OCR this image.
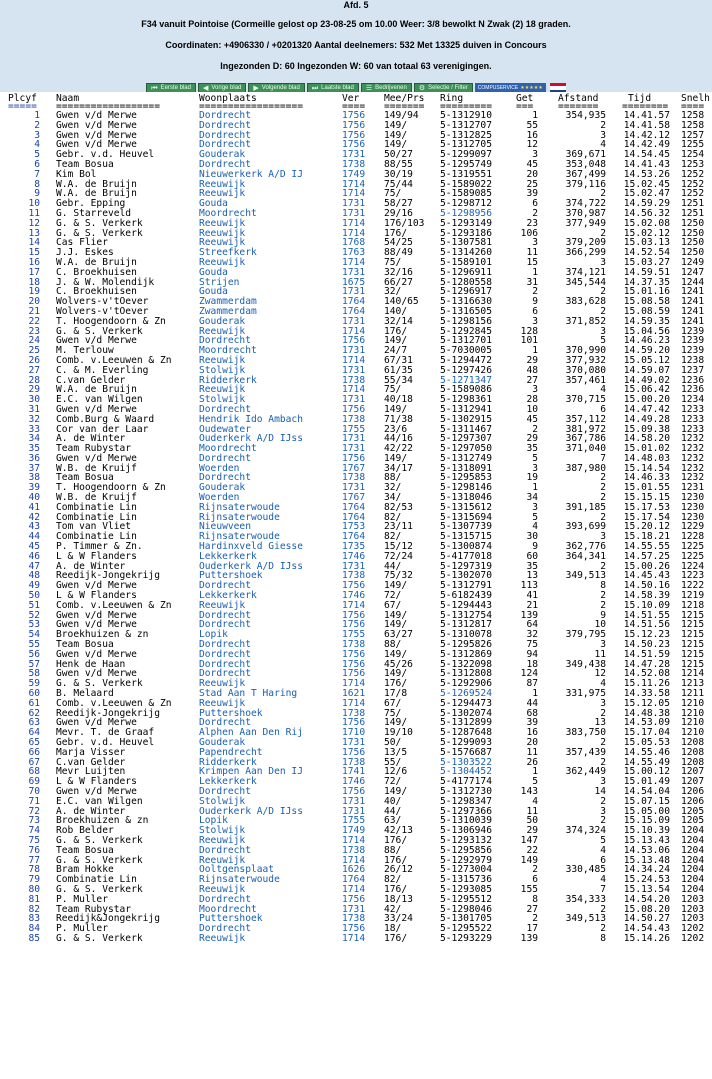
Afd. 5
F34 vanuit Pointoise (Cormeille gelost op 23-08-25 om 10.00 Weer: 3/8 bewolkt N Zwak (2) 18 graden.
Coordinaten: +4906330 / +0201320 Aantal deelnemers: 532 Met 13325 duiven in Concours
Ingezonden D: 60 Ingezonden W: 60 van totaal 63 verenigingen.
⏮ Eerste blad ◀ Vorige blad ▶ Volgende blad ⏭ Laatste blad ☰ Bedrijvenen ⚙ Selectie / Filter COMPUSERVICE ★★★★★
Plcyf Naam	Woonplaats	Ver	Mee/Prs Ring	Get	Afstand	Tijd	Snelh
=====	==================	==================	==== ======= =========	===	======= ======== ====
1 Gwen v/d Merwe	Dordrecht	1756 149/94 5-1312910	1	354,935	14.41.57 1258
2 Gwen v/d Merwe	Dordrecht	1756 149/	5-1312707	55	2	14.41.58 1258
3 Gwen v/d Merwe	Dordrecht	1756 149/	5-1312825	16	3	14.42.12 1257
4 Gwen v/d Merwe	Dordrecht	1756 149/	5-1312705	12	4	14.42.49 1255
5 Gebr. v.d. Heuvel	Gouderak	1731 50/27	5-1299097	3	369,671	14.54.45 1254
6 Team Bosua	Dordrecht	1738 88/55	5-1295749	45	353,048	14.41.43 1253
7 Kim Bol	Nieuwerkerk A/D IJ	1749 30/19	5-1319551	20	367,499	14.53.26 1252
8 W.A. de Bruijn	Reeuwijk	1714 75/44	5-1589022	25	379,116	15.02.45 1252
9 W.A. de Bruijn	Reeuwijk	1714 75/	5-1589085	39	2	15.02.47 1252
10 Gebr. Epping	Gouda	1731 58/27	5-1298712	6	374,722	14.59.29 1251
11 G. Starreveld	Moordrecht	1731 29/16	5-1298956	2	370,987	14.56.32 1251
12 G. & S. Verkerk	Reeuwijk	1714 176/103 5-1293149	23	377,949	15.02.08 1250
13 G. & S. Verkerk	Reeuwijk	1714 176/	5-1293186	106	2	15.02.12 1250
14 Cas Flier	Reeuwijk	1768 54/25	5-1307581	3	379,209	15.03.13 1250
15 J.J. Eskes	Streefkerk	1763 88/49	5-1314260	11	366,299	14.52.54 1250
16 W.A. de Bruijn	Reeuwijk	1714 75/	5-1589101	15	3	15.03.27 1249
17 C. Broekhuisen	Gouda	1731 32/16	5-1296911	1	374,121	14.59.51 1247
18 J. & W. Molendijk	Strijen	1675 66/27	5-1280558	31	345,544	14.37.35 1244
19 C. Broekhuisen	Gouda	1731 32/	5-1296917	2	2	15.01.16 1241
20 Wolvers-v'tOever	Zwammerdam	1764 140/65 5-1316630	9	383,628	15.08.58 1241
21 Wolvers-v'tOever	Zwammerdam	1764 140/	5-1316505	6	2	15.08.59 1241
22 T. Hoogendoorn & Zn	Gouderak	1731 32/14	5-1298156	3	371,852	14.59.35 1241
23 G. & S. Verkerk	Reeuwijk	1714 176/	5-1292845	128	3	15.04.56 1239
24 Gwen v/d Merwe	Dordrecht	1756 149/	5-1312701	101	5	14.46.23 1239
25 M. Terlouw	Moordrecht	1731 24/7	5-7030005	1	370,990	14.59.20 1239
26 Comb. v.Leeuwen & Zn	Reeuwijk	1714 67/31	5-1294472	29	377,932	15.05.12 1238
27 C. & M. Everling	Stolwijk	1731 61/35	5-1297426	48	370,080	14.59.07 1237
28 C.van Gelder	Ridderkerk	1738 55/34	5-1271347	27	357,461	14.49.02 1236
29 W.A. de Bruijn	Reeuwijk	1714 75/	5-1589086	3	4	15.06.42 1236
30 E.C. van Wilgen	Stolwijk	1731 40/18	5-1298361	28	370,715	15.00.20 1234
31 Gwen v/d Merwe	Dordrecht	1756 149/	5-1312941	10	6	14.47.42 1233
32 Comb.Burg & Waard	Hendrik Ido Ambach	1738 71/38	5-1302915	45	357,112	14.49.28 1233
33 Cor van der Laar	Oudewater	1755 23/6	5-1311467	2	381,972	15.09.38 1233
34 A. de Winter	Ouderkerk A/D IJss	1731 44/16	5-1297307	29	367,786	14.58.20 1232
35 Team Rubystar	Moordrecht	1731 42/22	5-1297050	35	371,040	15.01.02 1232
36 Gwen v/d Merwe	Dordrecht	1756 149/	5-1312749	5	7	14.48.03 1232
37 W.B. de Kruijf	Woerden	1767 34/17	5-1318091	3	387,980	15.14.54 1232
38 Team Bosua	Dordrecht	1738 88/	5-1295853	19	2	14.46.33 1232
39 T. Hoogendoorn & Zn	Gouderak	1731 32/	5-1298146	1	2	15.01.55 1231
40 W.B. de Kruijf	Woerden	1767 34/	5-1318046	34	2	15.15.15 1230
41 Combinatie Lin	Rijnsaterwoude	1764 82/53	5-1315612	3	391,185	15.17.53 1230
42 Combinatie Lin	Rijnsaterwoude	1764 82/	5-1315694	5	2	15.17.54 1230
43 Tom van Vliet	Nieuwveen	1753 23/11	5-1307739	4	393,699	15.20.12 1229
44 Combinatie Lin	Rijnsaterwoude	1764 82/	5-1315715	30	3	15.18.21 1228
45 P. Timmer & Zn.	Hardinxveld Giesse	1735 15/12	5-1300874	9	362,776	14.55.55 1225
46 L & W Flanders	Lekkerkerk	1746 72/24	5-4177018	60	364,341	14.57.25 1225
47 A. de Winter	Ouderkerk A/D IJss	1731 44/	5-1297319	35	2	15.00.26 1224
48 Reedijk-Jongekrijg	Puttershoek	1738 75/32	5-1302070	13	349,513	14.45.43 1223
49 Gwen v/d Merwe	Dordrecht	1756 149/	5-1312791	113	8	14.50.16 1222
50 L & W Flanders	Lekkerkerk	1746 72/	5-6182439	41	2	14.58.39 1219
51 Comb. v.Leeuwen & Zn	Reeuwijk	1714 67/	5-1294443	21	2	15.10.09 1218
52 Gwen v/d Merwe	Dordrecht	1756 149/	5-1312754	139	9	14.51.55 1215
53 Gwen v/d Merwe	Dordrecht	1756 149/	5-1312817	64	10	14.51.56 1215
54 Broekhuizen & zn	Lopik	1755 63/27	5-1310078	32	379,795	15.12.23 1215
55 Team Bosua	Dordrecht	1738 88/	5-1295826	75	3	14.50.23 1215
56 Gwen v/d Merwe	Dordrecht	1756 149/	5-1312869	94	11	14.51.59 1215
57 Henk de Haan	Dordrecht	1756 45/26	5-1322098	18	349,438	14.47.28 1215
58 Gwen v/d Merwe	Dordrecht	1756 149/	5-1312808	124	12	14.52.08 1214
59 G. & S. Verkerk	Reeuwijk	1714 176/	5-1292906	87	4	15.11.26 1213
60 B. Melaard	Stad Aan T Haring	1621 17/8	5-1269524	1	331,975	14.33.58 1211
61 Comb. v.Leeuwen & Zn	Reeuwijk	1714 67/	5-1294473	44	3	15.12.05 1210
62 Reedijk-Jongekrijg	Puttershoek	1738 75/	5-1302074	68	2	14.48.38 1210
63 Gwen v/d Merwe	Dordrecht	1756 149/	5-1312899	39	13	14.53.09 1210
64 Mevr. T. de Graaf	Alphen Aan Den Rij	1710 19/10	5-1287648	16	383,750	15.17.04 1210
65 Gebr. v.d. Heuvel	Gouderak	1731 50/	5-1299093	20	2	15.05.53 1208
66 Marja Visser	Papendrecht	1756 13/5	5-1576687	11	357,439	14.55.46 1208
67 C.van Gelder	Ridderkerk	1738 55/	5-1303522	26	2	14.55.49 1208
68 Mevr Luijten	Krimpen Aan Den IJ	1741 12/6	5-1304452	1	362,449	15.00.12 1207
69 L & W Flanders	Lekkerkerk	1746 72/	5-4177174	5	3	15.01.49 1207
70 Gwen v/d Merwe	Dordrecht	1756 149/	5-1312730	143	14	14.54.04 1206
71 E.C. van Wilgen	Stolwijk	1731 40/	5-1298347	4	2	15.07.15 1206
72 A. de Winter	Ouderkerk A/D IJss	1731 44/	5-1297366	11	3	15.05.00 1205
73 Broekhuizen & zn	Lopik	1755 63/	5-1310039	50	2	15.15.09 1205
74 Rob Belder	Stolwijk	1749 42/13	5-1306946	29	374,324	15.10.39 1204
75 G. & S. Verkerk	Reeuwijk	1714 176/	5-1293132	147	5	15.13.43 1204
76 Team Bosua	Dordrecht	1738 88/	5-1295856	22	4	14.53.06 1204
77 G. & S. Verkerk	Reeuwijk	1714 176/	5-1292979	149	6	15.13.48 1204
78 Bram Hokke	Ooltgensplaat	1626 26/12	5-1273004	2	330,485	14.34.24 1204
79 Combinatie Lin	Rijnsaterwoude	1764 82/	5-1315736	6	4	15.24.53 1204
80 G. & S. Verkerk	Reeuwijk	1714 176/	5-1293085	155	7	15.13.54 1204
81 P. Muller	Dordrecht	1756 18/13	5-1295512	8	354,333	14.54.20 1203
82 Team Rubystar	Moordrecht	1731 42/	5-1298046	27	2	15.08.20 1203
83 Reedijk&Jongekrijg	Puttershoek	1738 33/24	5-1301705	2	349,513	14.50.27 1203
84 P. Muller	Dordrecht	1756 18/	5-1295522	17	2	14.54.43 1202
85 G. & S. Verkerk	Reeuwijk	1714 176/	5-1293229	139	8	15.14.26 1202
